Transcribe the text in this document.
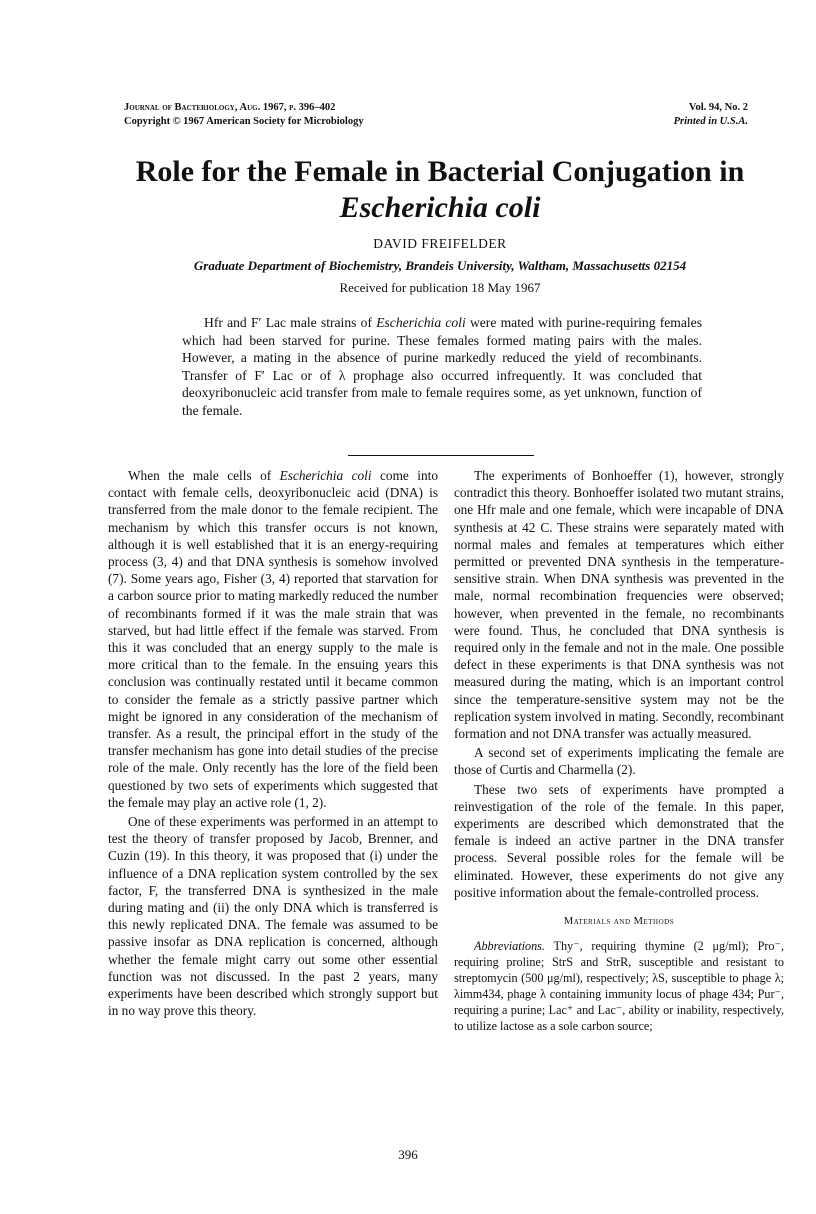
Journal of Bacteriology, Aug. 1967, p. 396–402
Copyright © 1967 American Society for Microbiology
Vol. 94, No. 2
Printed in U.S.A.
Role for the Female in Bacterial Conjugation in
Escherichia coli
DAVID FREIFELDER
Graduate Department of Biochemistry, Brandeis University, Waltham, Massachusetts 02154
Received for publication 18 May 1967
Hfr and F′ Lac male strains of Escherichia coli were mated with purine-requiring females which had been starved for purine. These females formed mating pairs with the males. However, a mating in the absence of purine markedly reduced the yield of recombinants. Transfer of F′ Lac or of λ prophage also occurred infrequently. It was concluded that deoxyribonucleic acid transfer from male to female requires some, as yet unknown, function of the female.

When the male cells of Escherichia coli come into contact with female cells, deoxyribonucleic acid (DNA) is transferred from the male donor to the female recipient. The mechanism by which this transfer occurs is not known, although it is well established that it is an energy-requiring process (3, 4) and that DNA synthesis is somehow involved (7). Some years ago, Fisher (3, 4) reported that starvation for a carbon source prior to mating markedly reduced the number of recombinants formed if it was the male strain that was starved, but had little effect if the female was starved. From this it was concluded that an energy supply to the male is more critical than to the female. In the ensuing years this conclusion was continually restated until it became common to consider the female as a strictly passive partner which might be ignored in any consideration of the mechanism of transfer. As a result, the principal effort in the study of the transfer mechanism has gone into detail studies of the precise role of the male. Only recently has the lore of the field been questioned by two sets of experiments which suggested that the female may play an active role (1, 2).

One of these experiments was performed in an attempt to test the theory of transfer proposed by Jacob, Brenner, and Cuzin (19). In this theory, it was proposed that (i) under the influence of a DNA replication system controlled by the sex factor, F, the transferred DNA is synthesized in the male during mating and (ii) the only DNA which is transferred is this newly replicated DNA. The female was assumed to be passive insofar as DNA replication is concerned, although whether the female might carry out some other essential function was not discussed. In the past 2 years, many experiments have been described which strongly support but in no way prove this theory.

The experiments of Bonhoeffer (1), however, strongly contradict this theory. Bonhoeffer isolated two mutant strains, one Hfr male and one female, which were incapable of DNA synthesis at 42 C. These strains were separately mated with normal males and females at temperatures which either permitted or prevented DNA synthesis in the temperature-sensitive strain. When DNA synthesis was prevented in the male, normal recombination frequencies were observed; however, when prevented in the female, no recombinants were found. Thus, he concluded that DNA synthesis is required only in the female and not in the male. One possible defect in these experiments is that DNA synthesis was not measured during the mating, which is an important control since the temperature-sensitive system may not be the replication system involved in mating. Secondly, recombinant formation and not DNA transfer was actually measured.

A second set of experiments implicating the female are those of Curtis and Charmella (2).

These two sets of experiments have prompted a reinvestigation of the role of the female. In this paper, experiments are described which demonstrated that the female is indeed an active partner in the DNA transfer process. Several possible roles for the female will be eliminated. However, these experiments do not give any positive information about the female-controlled process.

Materials and Methods

Abbreviations. Thy⁻, requiring thymine (2 μg/ml); Pro⁻, requiring proline; StrS and StrR, susceptible and resistant to streptomycin (500 μg/ml), respectively; λS, susceptible to phage λ; λimm434, phage λ containing immunity locus of phage 434; Pur⁻, requiring a purine; Lac⁺ and Lac⁻, ability or inability, respectively, to utilize lactose as a sole carbon source;

396
